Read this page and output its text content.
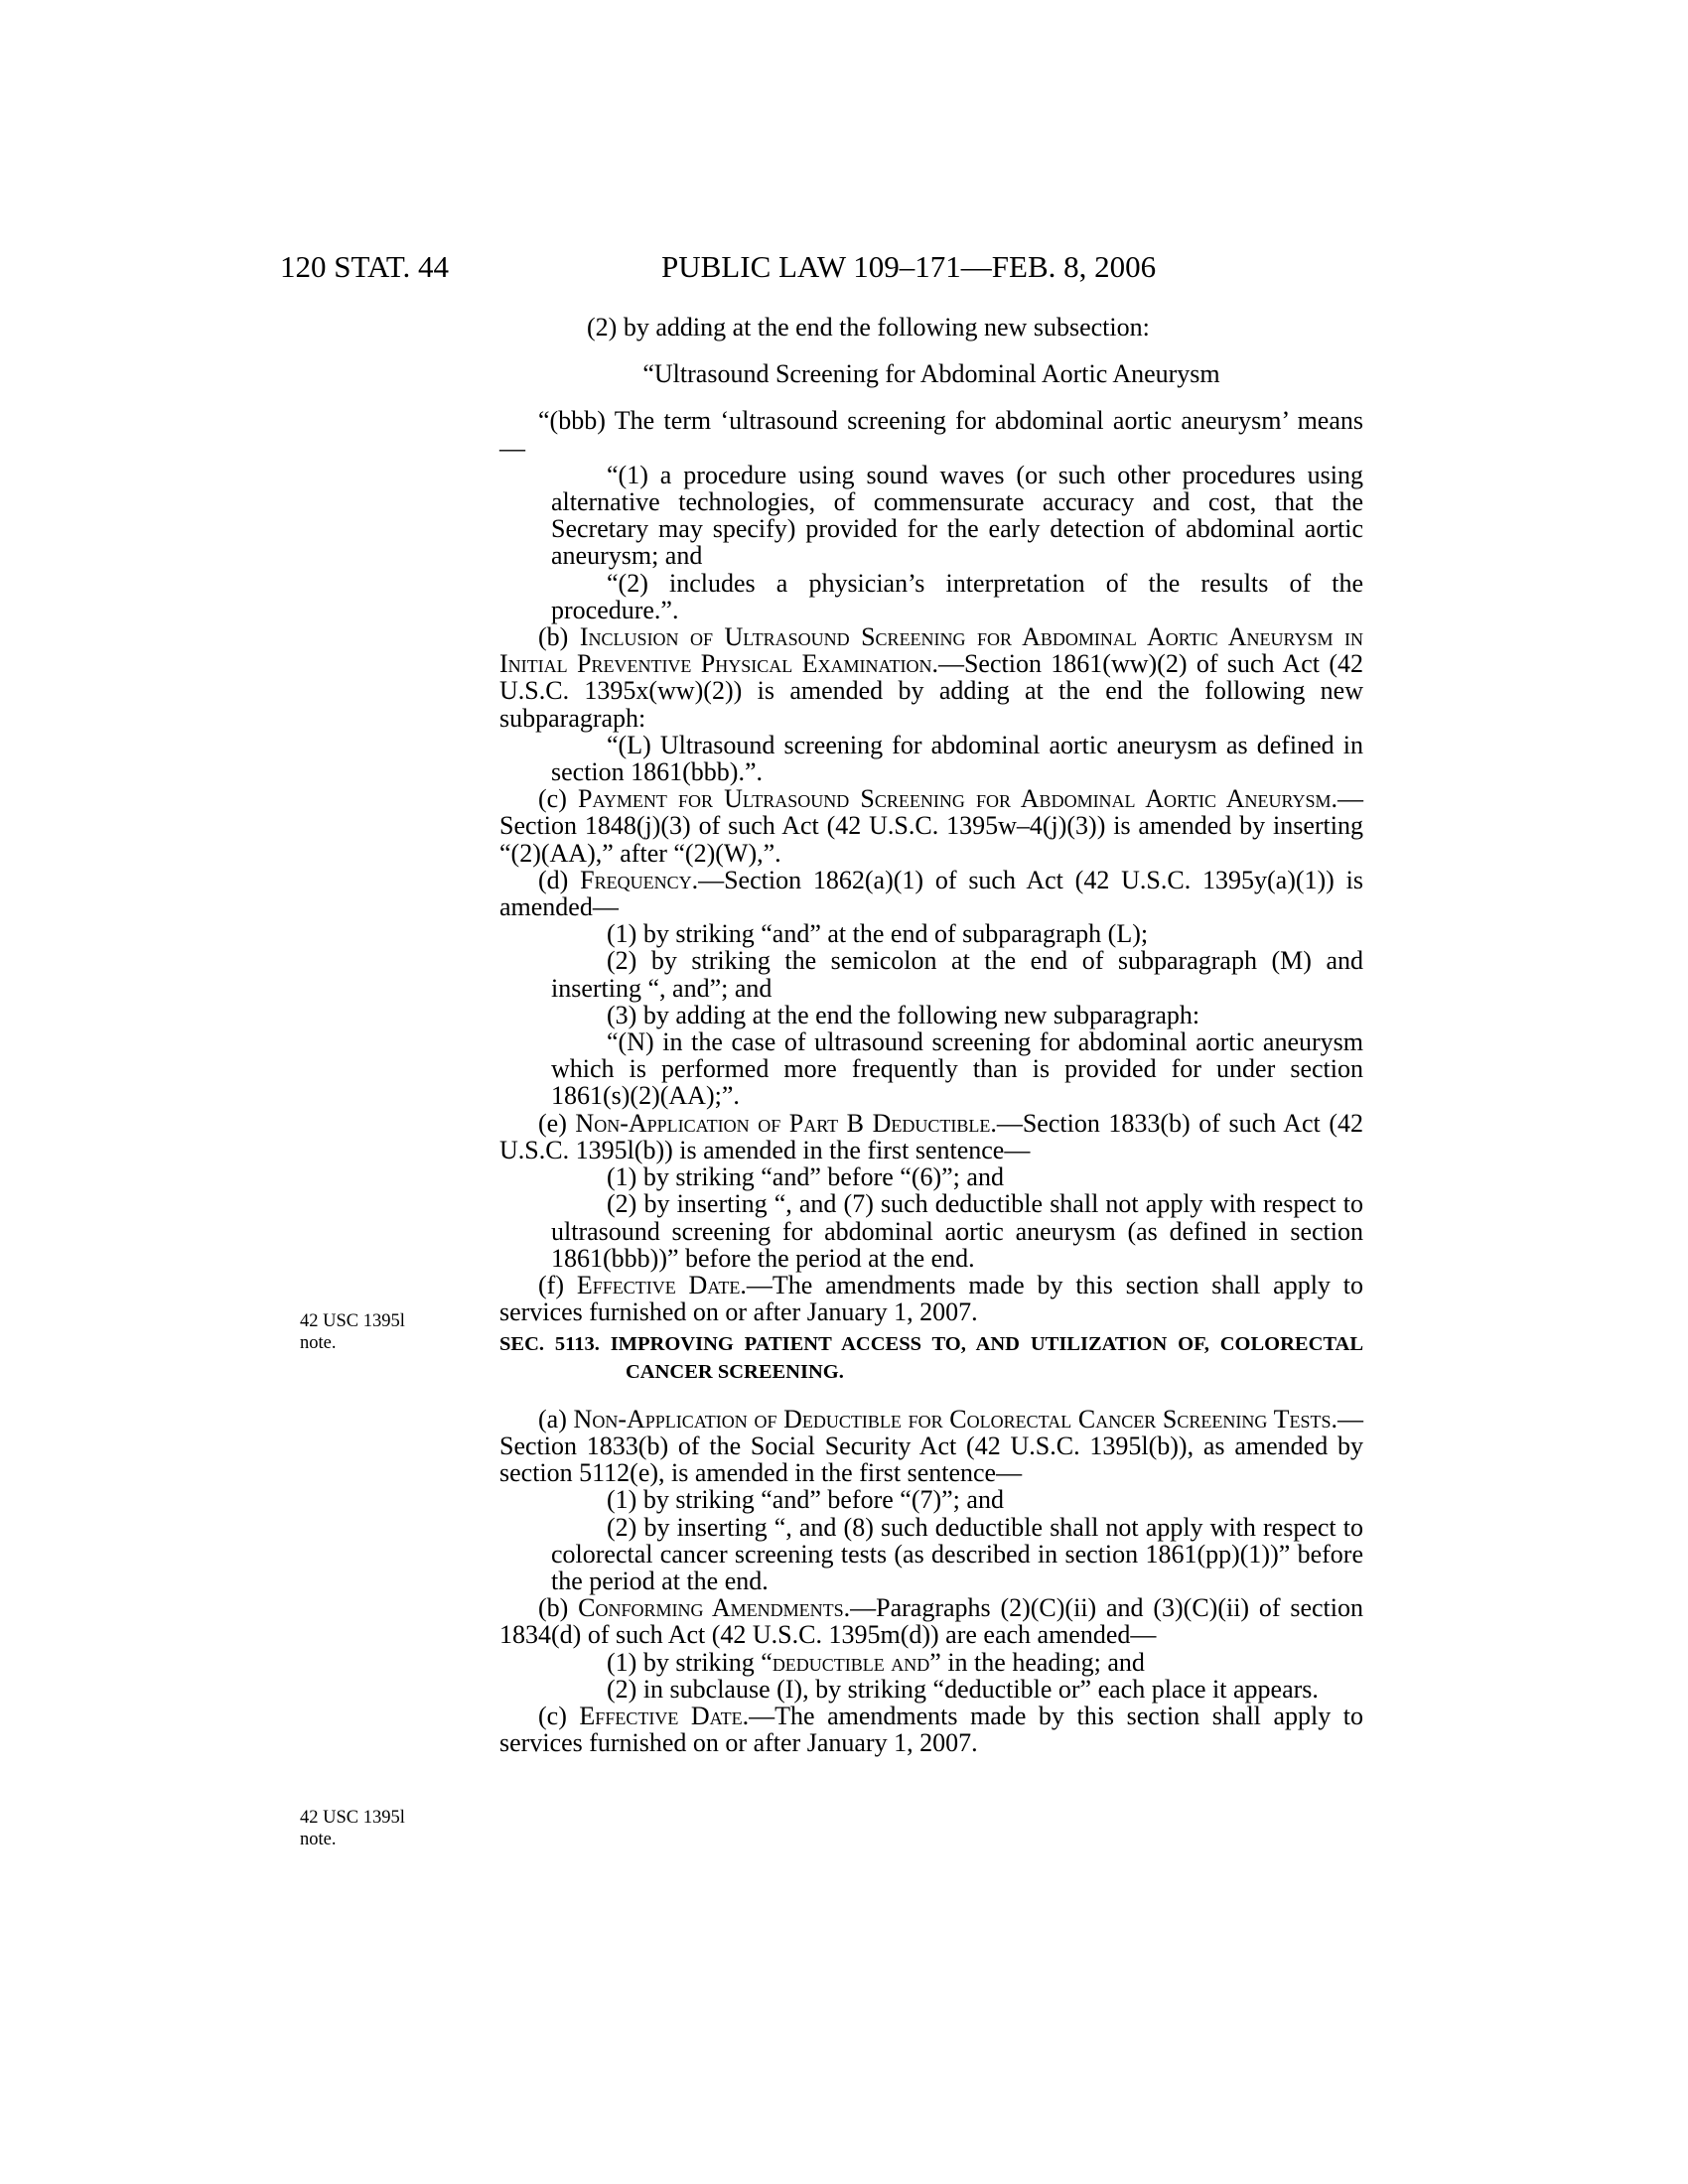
120 STAT. 44	PUBLIC LAW 109–171—FEB. 8, 2006
42 USC 1395l
note.
42 USC 1395l
note.

(2) by adding at the end the following new subsection:

“Ultrasound Screening for Abdominal Aortic Aneurysm

“(bbb) The term ‘ultrasound screening for abdominal aortic aneurysm’ means—

“(1) a procedure using sound waves (or such other procedures using alternative technologies, of commensurate accuracy and cost, that the Secretary may specify) provided for the early detection of abdominal aortic aneurysm; and

“(2) includes a physician’s interpretation of the results of the procedure.”.

(b) Inclusion of Ultrasound Screening for Abdominal Aortic Aneurysm in Initial Preventive Physical Examination.—Section 1861(ww)(2) of such Act (42 U.S.C. 1395x(ww)(2)) is amended by adding at the end the following new subparagraph:

“(L) Ultrasound screening for abdominal aortic aneurysm as defined in section 1861(bbb).”.

(c) Payment for Ultrasound Screening for Abdominal Aortic Aneurysm.—Section 1848(j)(3) of such Act (42 U.S.C. 1395w–4(j)(3)) is amended by inserting “(2)(AA),” after “(2)(W),”.

(d) Frequency.—Section 1862(a)(1) of such Act (42 U.S.C. 1395y(a)(1)) is amended—

(1) by striking “and” at the end of subparagraph (L);

(2) by striking the semicolon at the end of subparagraph (M) and inserting “, and”; and

(3) by adding at the end the following new subparagraph:

“(N) in the case of ultrasound screening for abdominal aortic aneurysm which is performed more frequently than is provided for under section 1861(s)(2)(AA);”.

(e) Non-Application of Part B Deductible.—Section 1833(b) of such Act (42 U.S.C. 1395l(b)) is amended in the first sentence—

(1) by striking “and” before “(6)”; and

(2) by inserting “, and (7) such deductible shall not apply with respect to ultrasound screening for abdominal aortic aneurysm (as defined in section 1861(bbb))” before the period at the end.

(f) Effective Date.—The amendments made by this section shall apply to services furnished on or after January 1, 2007.

SEC. 5113. IMPROVING PATIENT ACCESS TO, AND UTILIZATION OF, COLORECTAL CANCER SCREENING.

(a) Non-Application of Deductible for Colorectal Cancer Screening Tests.—Section 1833(b) of the Social Security Act (42 U.S.C. 1395l(b)), as amended by section 5112(e), is amended in the first sentence—

(1) by striking “and” before “(7)”; and

(2) by inserting “, and (8) such deductible shall not apply with respect to colorectal cancer screening tests (as described in section 1861(pp)(1))” before the period at the end.

(b) Conforming Amendments.—Paragraphs (2)(C)(ii) and (3)(C)(ii) of section 1834(d) of such Act (42 U.S.C. 1395m(d)) are each amended—

(1) by striking “deductible and” in the heading; and

(2) in subclause (I), by striking “deductible or” each place it appears.

(c) Effective Date.—The amendments made by this section shall apply to services furnished on or after January 1, 2007.
